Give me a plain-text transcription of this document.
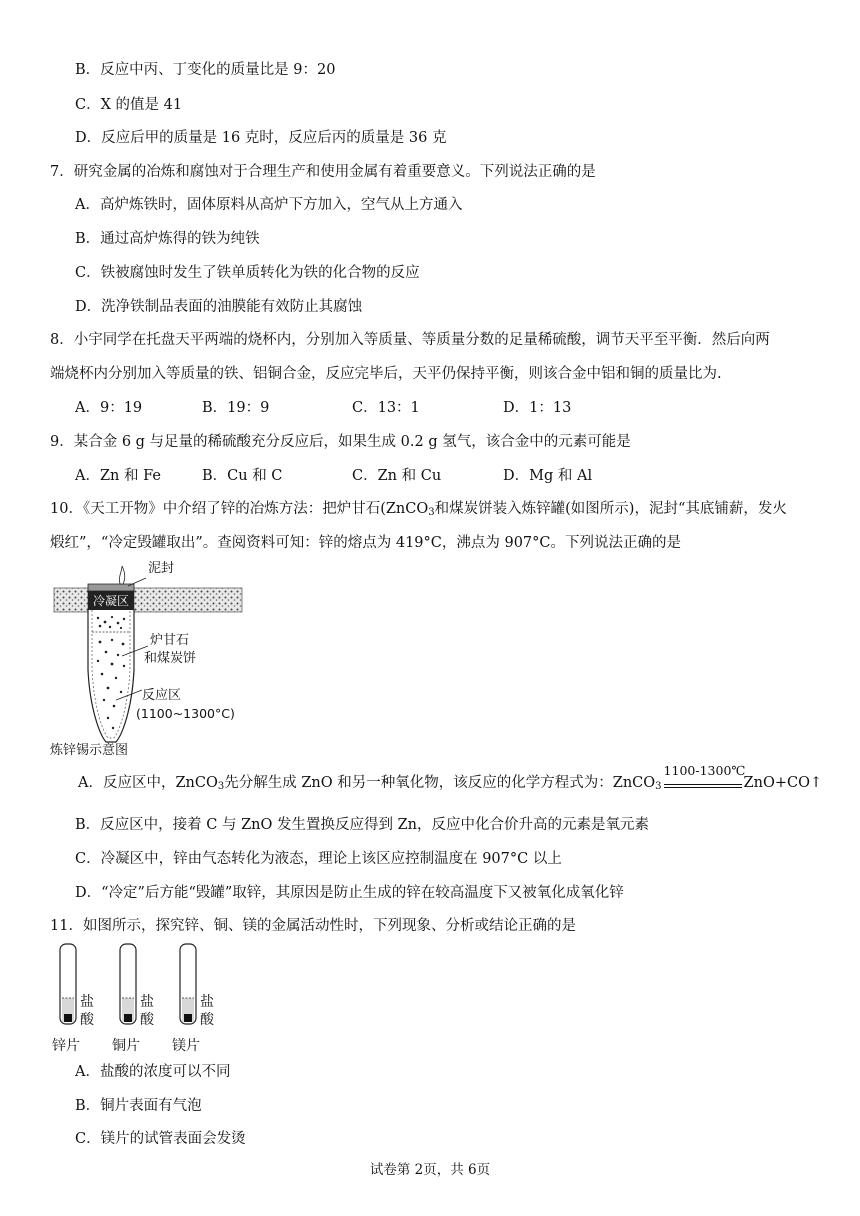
B．反应中丙、丁变化的质量比是 9：20
C．X 的值是 41
D．反应后甲的质量是 16 克时，反应后丙的质量是 36 克
7．研究金属的冶炼和腐蚀对于合理生产和使用金属有着重要意义。下列说法正确的是
A．高炉炼铁时，固体原料从高炉下方加入，空气从上方通入
B．通过高炉炼得的铁为纯铁
C．铁被腐蚀时发生了铁单质转化为铁的化合物的反应
D．洗净铁制品表面的油膜能有效防止其腐蚀
8．小宇同学在托盘天平两端的烧杯内，分别加入等质量、等质量分数的足量稀硫酸，调节天平至平衡．然后向两
端烧杯内分别加入等质量的铁、铝铜合金，反应完毕后，天平仍保持平衡，则该合金中铝和铜的质量比为.
A．9：19	B．19：9	C．13：1	D．1：13
9．某合金 6 g 与足量的稀硫酸充分反应后，如果生成 0.2 g 氢气，该合金中的元素可能是
A．Zn 和 Fe	B．Cu 和 C	C．Zn 和 Cu	D．Mg 和 Al
10．《天工开物》中介绍了锌的冶炼方法：把炉甘石(ZnCO$_3$和煤炭饼装入炼锌罐(如图所示)，泥封“其底铺薪，发火
煅红”，“冷定毁罐取出”。查阅资料可知：锌的熔点为 419°C，沸点为 907°C。下列说法正确的是
冷凝区
泥封
炉甘石
和煤炭饼
反应区
(1100~1300°C)
炼锌锡示意图
A．反应区中，ZnCO$_3$先分解生成 ZnO 和另一种氧化物，该反应的化学方程式为：ZnCO$_3$
1100-1300℃
ZnO+CO↑
B．反应区中，接着 C 与 ZnO 发生置换反应得到 Zn，反应中化合价升高的元素是氧元素
C．冷凝区中，锌由气态转化为液态，理论上该区应控制温度在 907°C 以上
D．“冷定”后方能“毁罐”取锌，其原因是防止生成的锌在较高温度下又被氧化成氧化锌
11．如图所示，探究锌、铜、镁的金属活动性时，下列现象、分析或结论正确的是
盐
酸
盐
酸
盐
酸
锌片 铜片 镁片
A．盐酸的浓度可以不同
B．铜片表面有气泡
C．镁片的试管表面会发烫
试卷第 2页，共 6页
